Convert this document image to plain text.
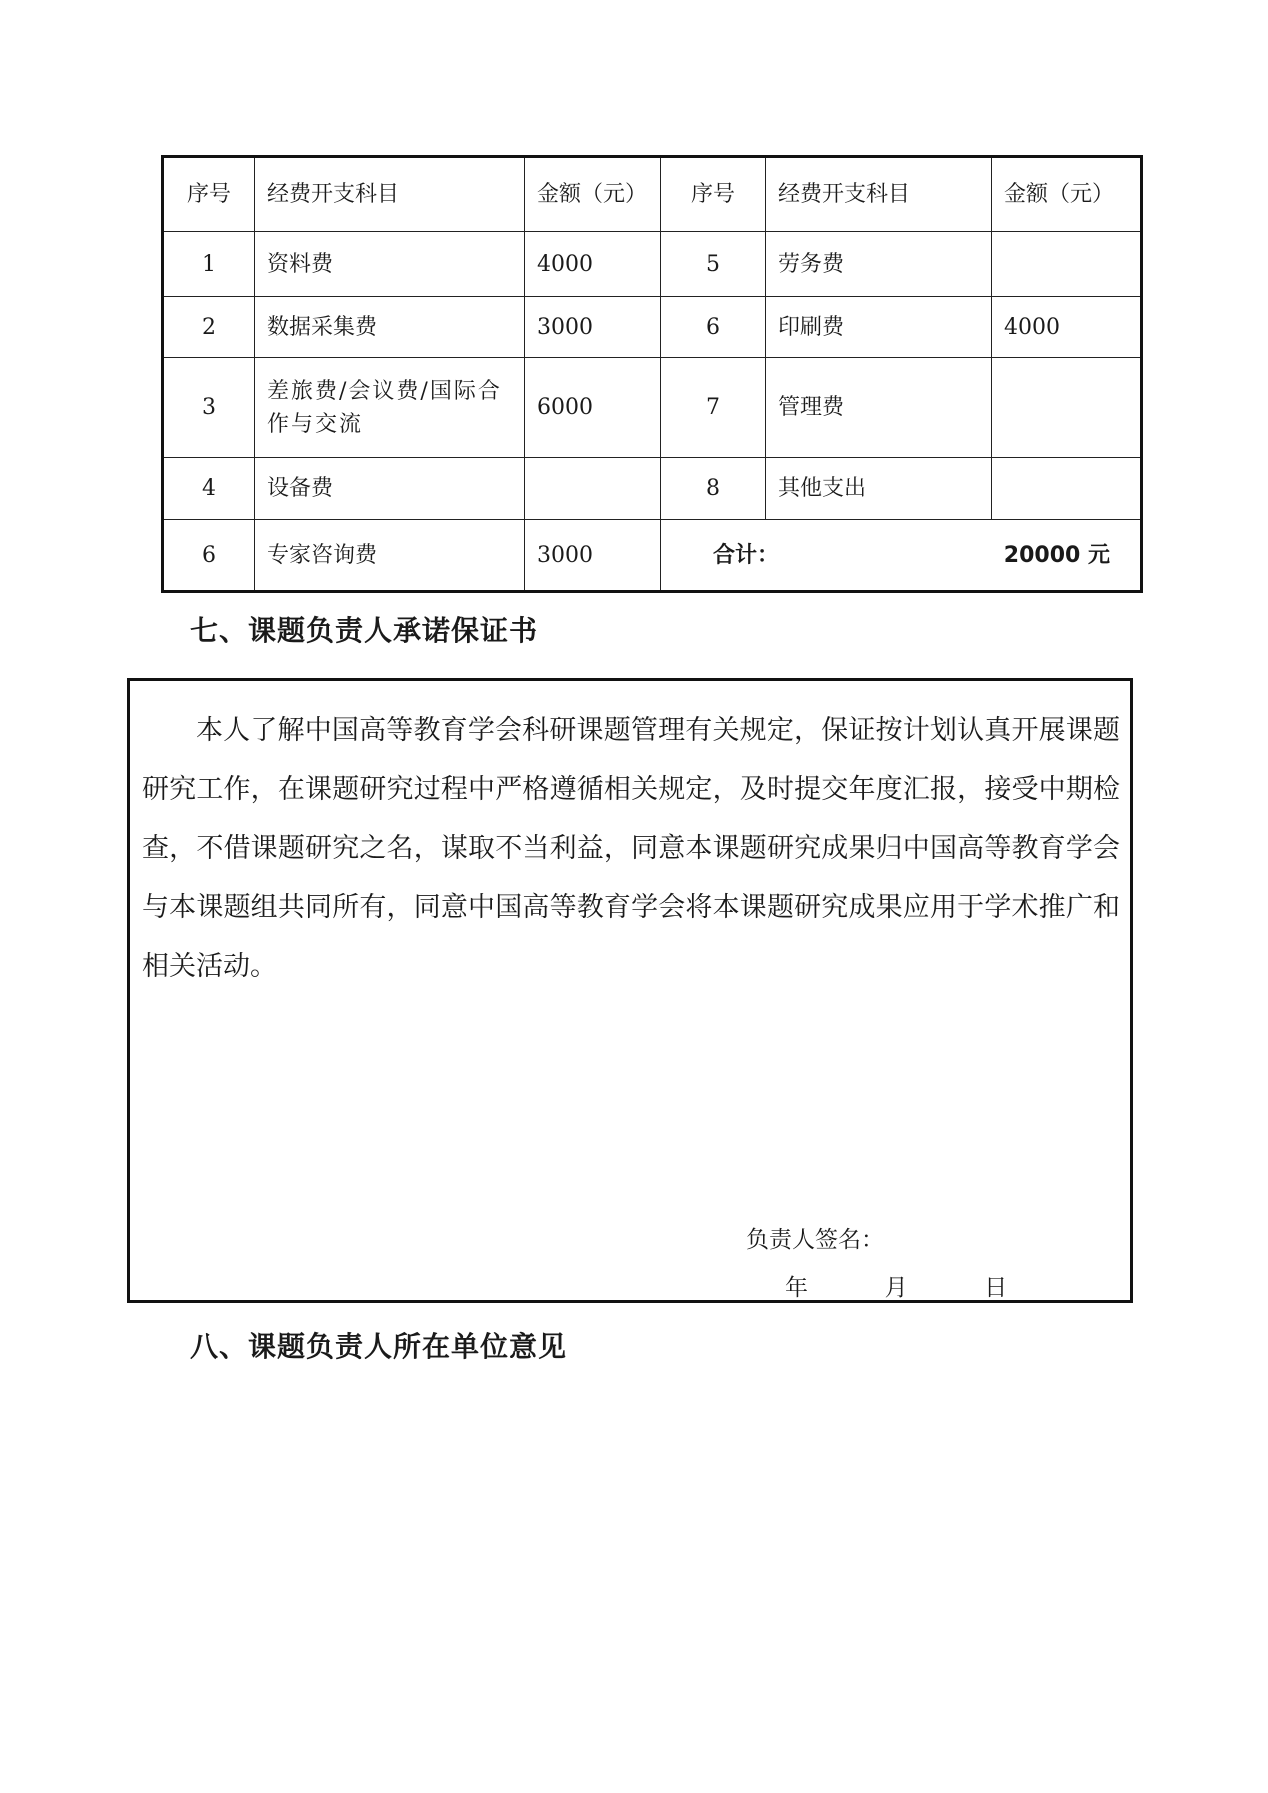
序号	经费开支科目	金额（元）	序号	经费开支科目	金额（元）
1	资料费	4000	5	劳务费	
2	数据采集费	3000	6	印刷费	4000
3	差旅费/会议费/国际合作与交流	6000	7	管理费	
4	设备费		8	其他支出	
6	专家咨询费	3000	合计： 20000 元		
七、课题负责人承诺保证书

本人了解中国高等教育学会科研课题管理有关规定，保证按计划认真开展课题研究工作，在课题研究过程中严格遵循相关规定，及时提交年度汇报，接受中期检查，不借课题研究之名，谋取不当利益，同意本课题研究成果归中国高等教育学会与本课题组共同所有，同意中国高等教育学会将本课题研究成果应用于学术推广和相关活动。

负责人签名：
年	月	日
八、课题负责人所在单位意见
